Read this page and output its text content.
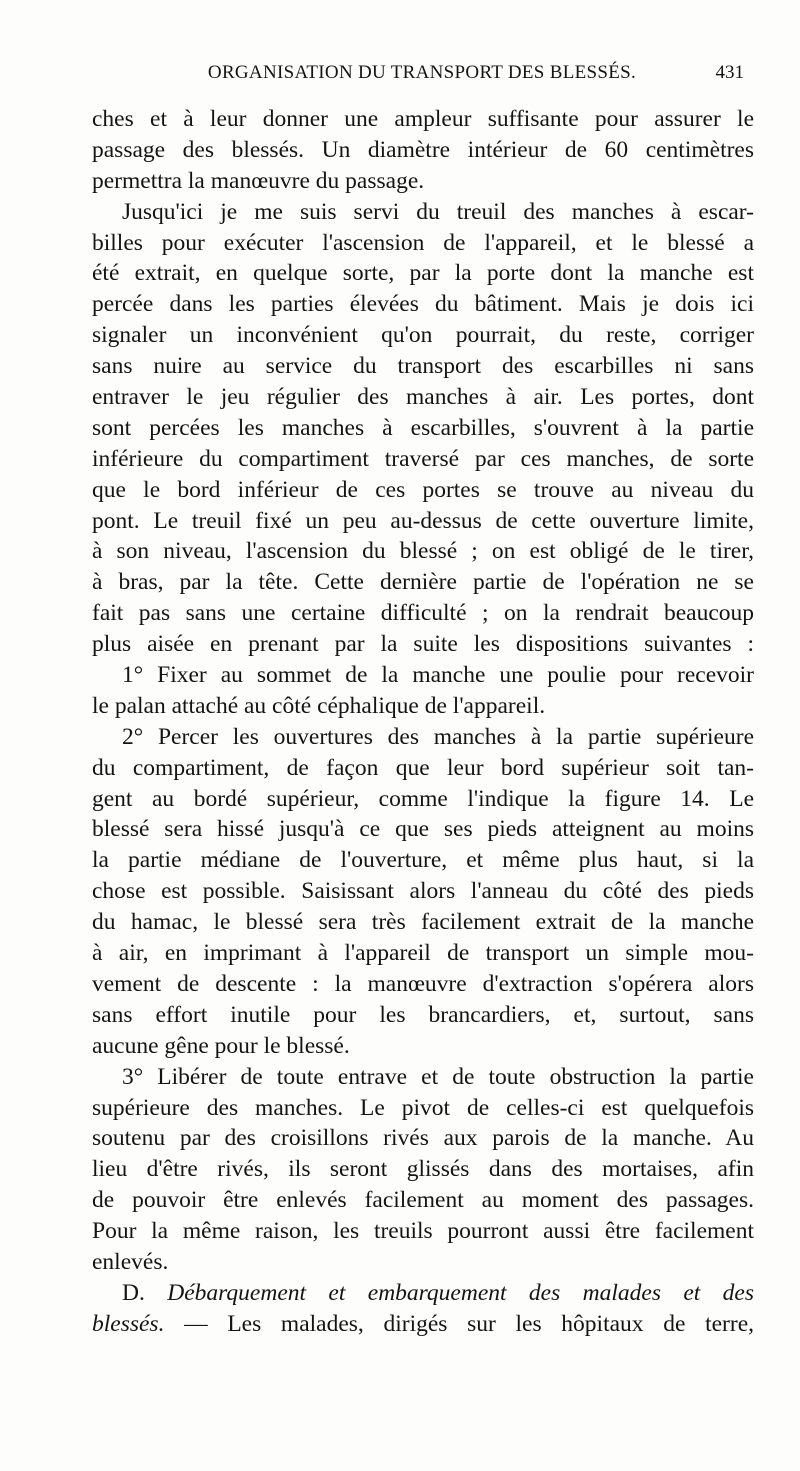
ORGANISATION DU TRANSPORT DES BLESSÉS.	431
ches et à leur donner une ampleur suffisante pour assurer le
passage des blessés. Un diamètre intérieur de 60 centimètres
permettra la manœuvre du passage.
Jusqu'ici je me suis servi du treuil des manches à escar-
billes pour exécuter l'ascension de l'appareil, et le blessé a
été extrait, en quelque sorte, par la porte dont la manche est
percée dans les parties élevées du bâtiment. Mais je dois ici
signaler un inconvénient qu'on pourrait, du reste, corriger
sans nuire au service du transport des escarbilles ni sans
entraver le jeu régulier des manches à air. Les portes, dont
sont percées les manches à escarbilles, s'ouvrent à la partie
inférieure du compartiment traversé par ces manches, de sorte
que le bord inférieur de ces portes se trouve au niveau du
pont. Le treuil fixé un peu au-dessus de cette ouverture limite,
à son niveau, l'ascension du blessé ; on est obligé de le tirer,
à bras, par la tête. Cette dernière partie de l'opération ne se
fait pas sans une certaine difficulté ; on la rendrait beaucoup
plus aisée en prenant par la suite les dispositions suivantes :
1° Fixer au sommet de la manche une poulie pour recevoir
le palan attaché au côté céphalique de l'appareil.
2° Percer les ouvertures des manches à la partie supérieure
du compartiment, de façon que leur bord supérieur soit tan-
gent au bordé supérieur, comme l'indique la figure 14. Le
blessé sera hissé jusqu'à ce que ses pieds atteignent au moins
la partie médiane de l'ouverture, et même plus haut, si la
chose est possible. Saisissant alors l'anneau du côté des pieds
du hamac, le blessé sera très facilement extrait de la manche
à air, en imprimant à l'appareil de transport un simple mou-
vement de descente : la manœuvre d'extraction s'opérera alors
sans effort inutile pour les brancardiers, et, surtout, sans
aucune gêne pour le blessé.
3° Libérer de toute entrave et de toute obstruction la partie
supérieure des manches. Le pivot de celles-ci est quelquefois
soutenu par des croisillons rivés aux parois de la manche. Au
lieu d'être rivés, ils seront glissés dans des mortaises, afin
de pouvoir être enlevés facilement au moment des passages.
Pour la même raison, les treuils pourront aussi être facilement
enlevés.
D. Débarquement et embarquement des malades et des
blessés. — Les malades, dirigés sur les hôpitaux de terre,
